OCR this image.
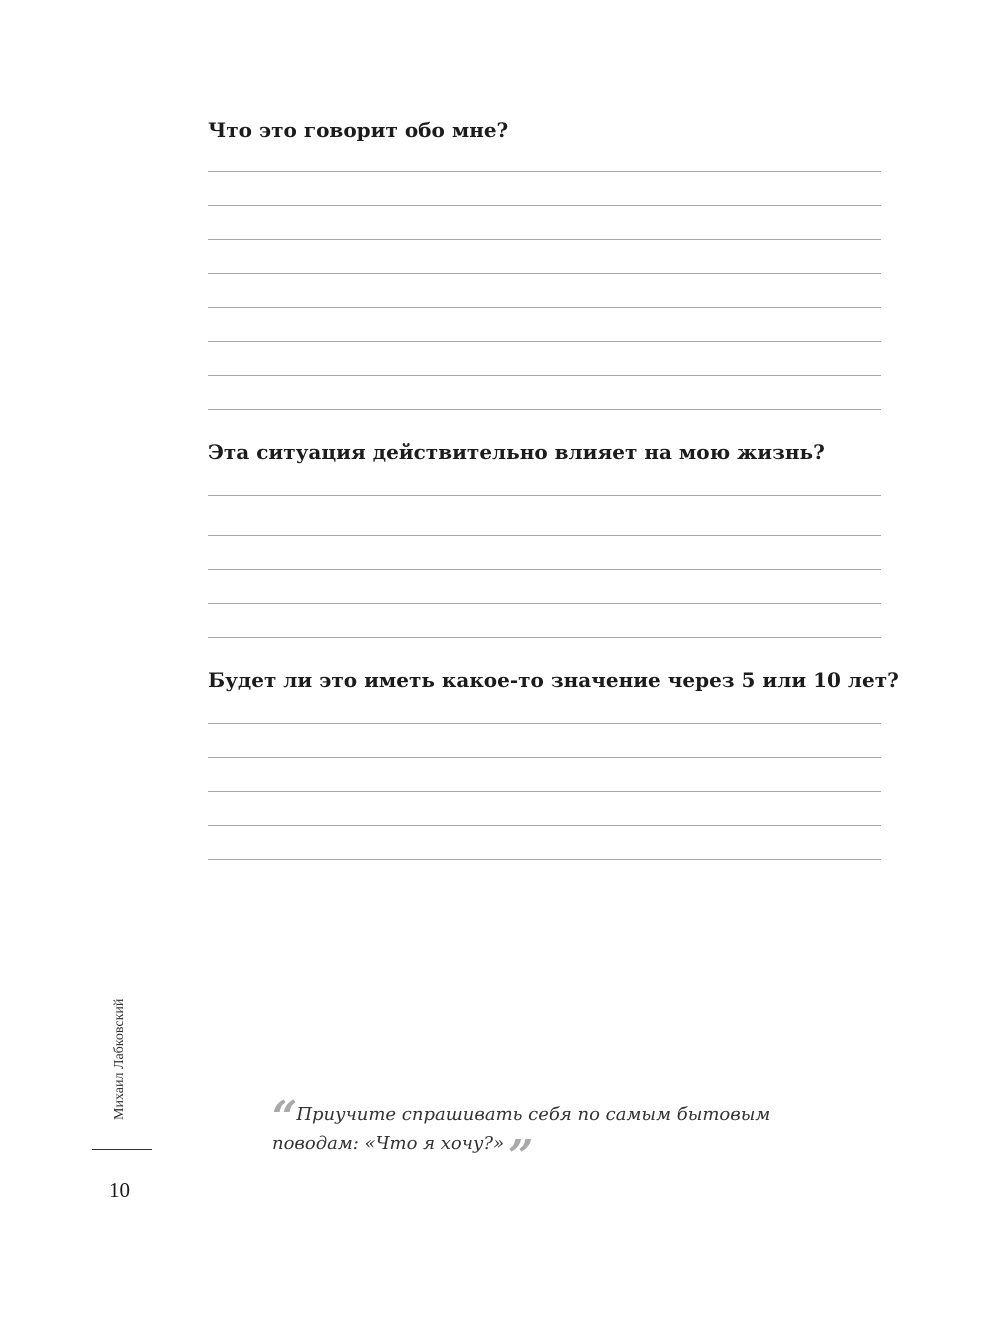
Что это говорит обо мне?
Эта ситуация действительно влияет на мою жизнь?
Будет ли это иметь какое-то значение через 5 или 10 лет?
Михаил Лабковский
10
“ Приучите спрашивать себя по самым бытовым
поводам: «Что я хочу?»”
